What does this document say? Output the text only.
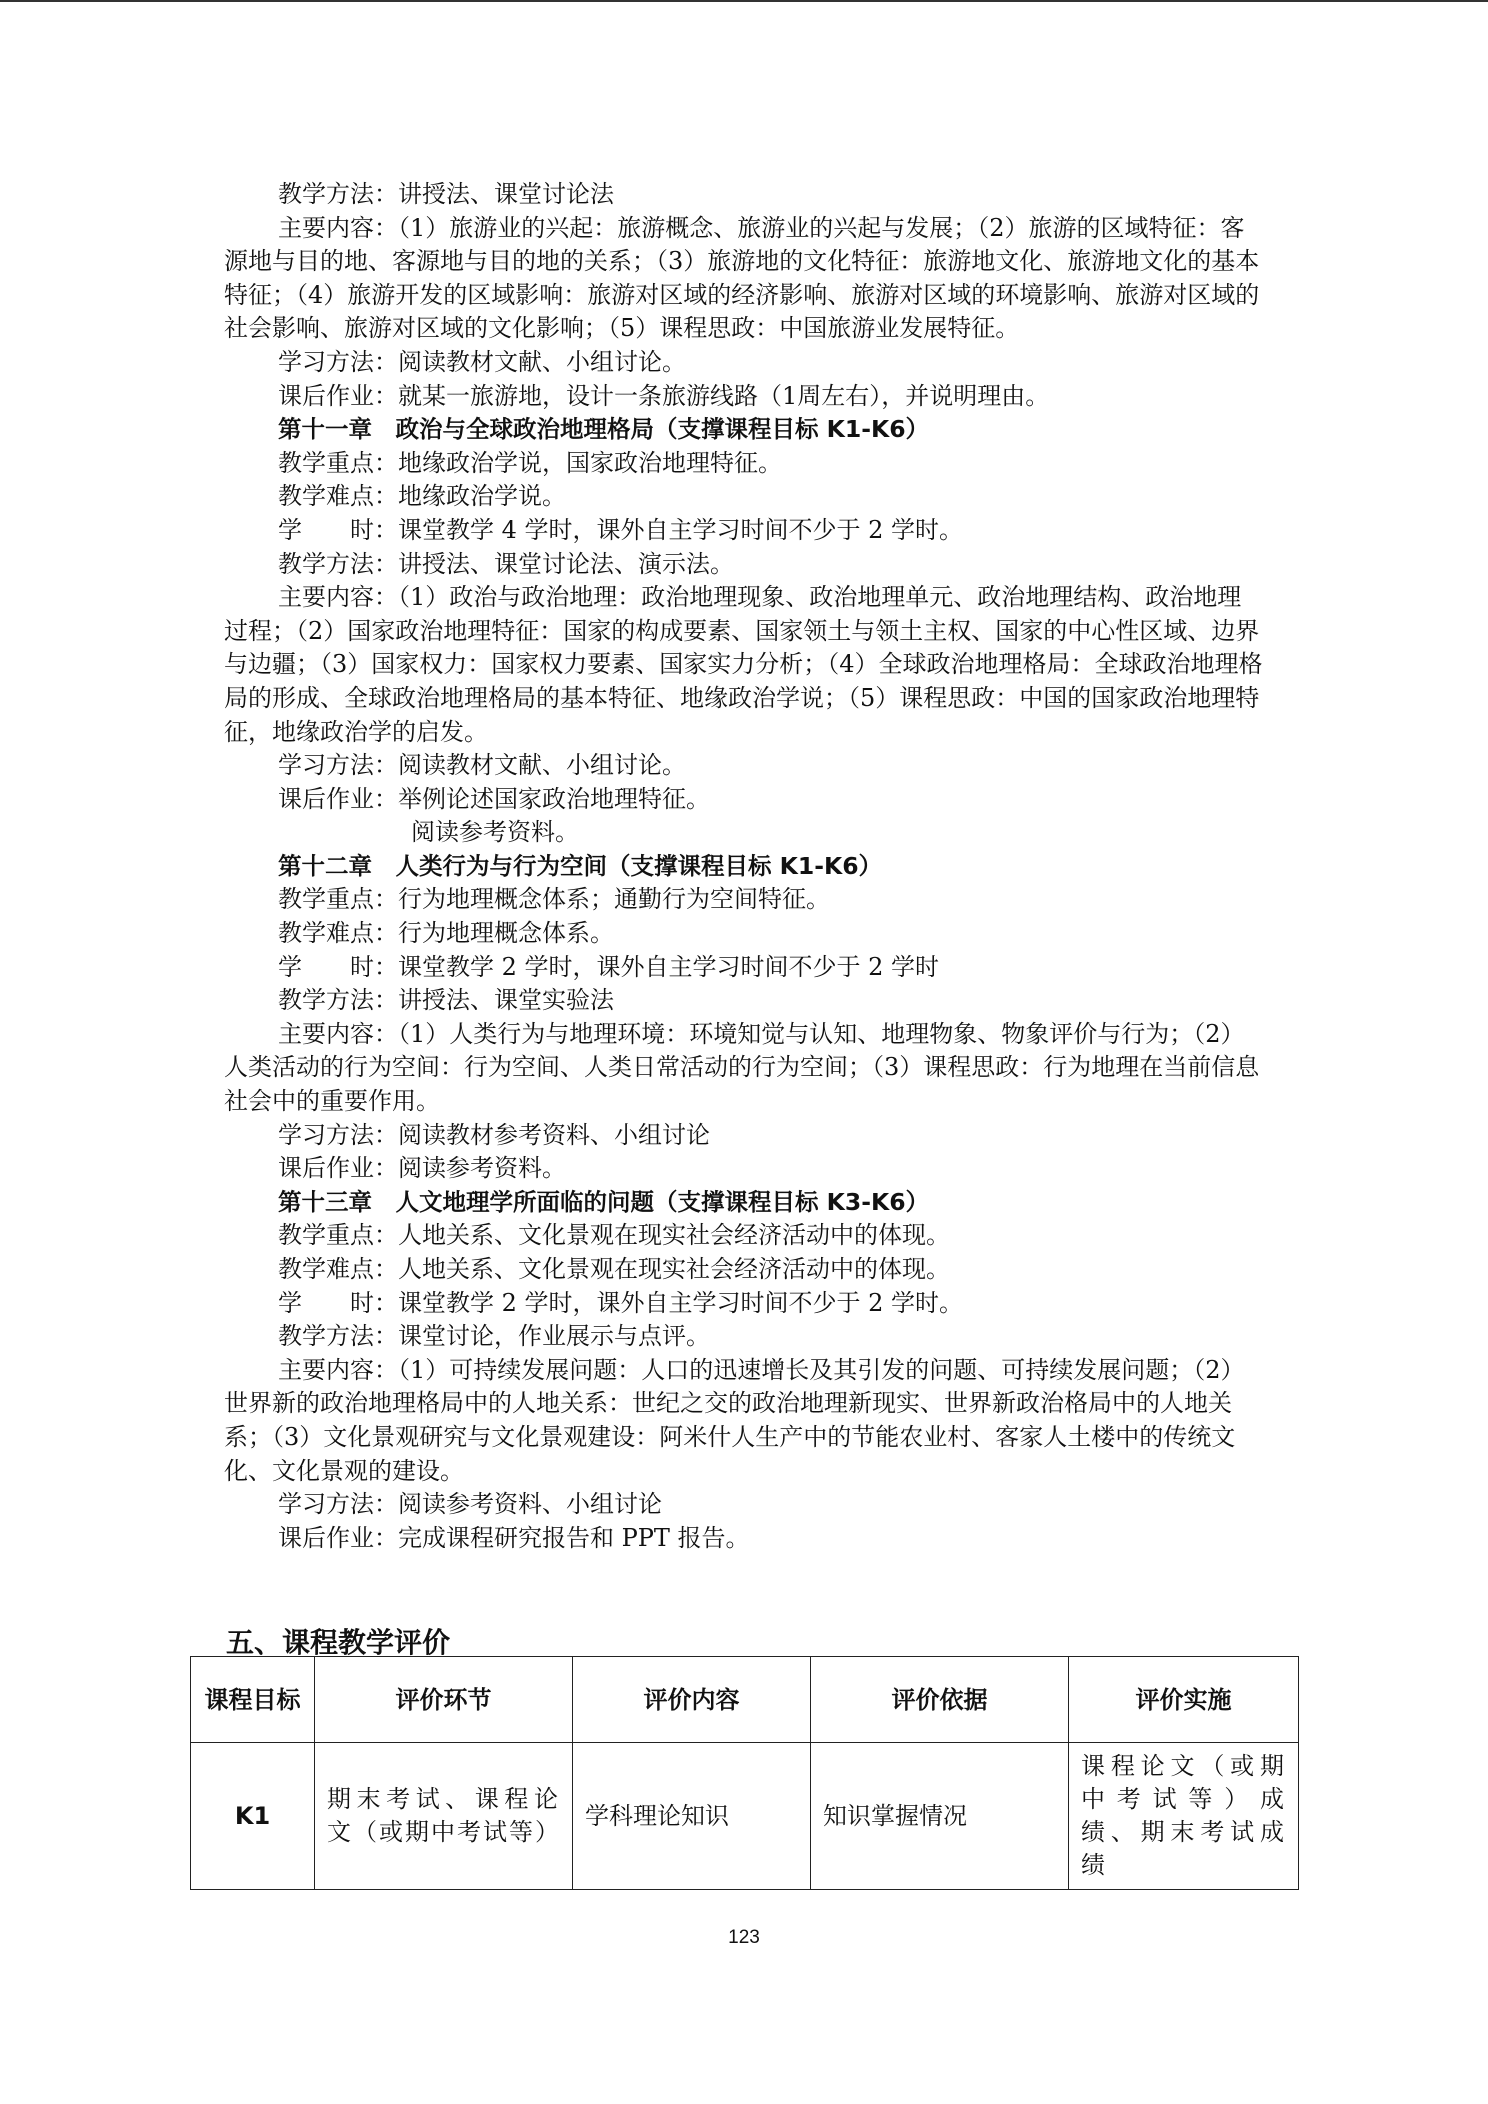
教学方法：讲授法、课堂讨论法

主要内容：（1）旅游业的兴起：旅游概念、旅游业的兴起与发展；（2）旅游的区域特征：客源地与目的地、客源地与目的地的关系；（3）旅游地的文化特征：旅游地文化、旅游地文化的基本特征；（4）旅游开发的区域影响：旅游对区域的经济影响、旅游对区域的环境影响、旅游对区域的社会影响、旅游对区域的文化影响；（5）课程思政：中国旅游业发展特征。

学习方法：阅读教材文献、小组讨论。

课后作业：就某一旅游地，设计一条旅游线路（1周左右），并说明理由。

第十一章　政治与全球政治地理格局（支撑课程目标 K1-K6）

教学重点：地缘政治学说，国家政治地理特征。

教学难点：地缘政治学说。

学　　时：课堂教学 4 学时，课外自主学习时间不少于 2 学时。

教学方法：讲授法、课堂讨论法、演示法。

主要内容：（1）政治与政治地理：政治地理现象、政治地理单元、政治地理结构、政治地理过程；（2）国家政治地理特征：国家的构成要素、国家领土与领土主权、国家的中心性区域、边界与边疆；（3）国家权力：国家权力要素、国家实力分析；（4）全球政治地理格局：全球政治地理格局的形成、全球政治地理格局的基本特征、地缘政治学说；（5）课程思政：中国的国家政治地理特征，地缘政治学的启发。

学习方法：阅读教材文献、小组讨论。

课后作业：举例论述国家政治地理特征。

阅读参考资料。

第十二章　人类行为与行为空间（支撑课程目标 K1-K6）

教学重点：行为地理概念体系；通勤行为空间特征。

教学难点：行为地理概念体系。

学　　时：课堂教学 2 学时，课外自主学习时间不少于 2 学时

教学方法：讲授法、课堂实验法

主要内容：（1）人类行为与地理环境：环境知觉与认知、地理物象、物象评价与行为；（2）人类活动的行为空间：行为空间、人类日常活动的行为空间；（3）课程思政：行为地理在当前信息社会中的重要作用。

学习方法：阅读教材参考资料、小组讨论

课后作业：阅读参考资料。

第十三章　人文地理学所面临的问题（支撑课程目标 K3-K6）

教学重点：人地关系、文化景观在现实社会经济活动中的体现。

教学难点：人地关系、文化景观在现实社会经济活动中的体现。

学　　时：课堂教学 2 学时，课外自主学习时间不少于 2 学时。

教学方法：课堂讨论，作业展示与点评。

主要内容：（1）可持续发展问题：人口的迅速增长及其引发的问题、可持续发展问题；（2）世界新的政治地理格局中的人地关系：世纪之交的政治地理新现实、世界新政治格局中的人地关系；（3）文化景观研究与文化景观建设：阿米什人生产中的节能农业村、客家人土楼中的传统文化、文化景观的建设。

学习方法：阅读参考资料、小组讨论

课后作业：完成课程研究报告和 PPT 报告。

五、课程教学评价
课程目标	评价环节	评价内容	评价依据	评价实施
K1	期末考试、课程论文（或期中考试等）	学科理论知识	知识掌握情况	课程论文（或期中考试等）成绩、期末考试成绩
123
